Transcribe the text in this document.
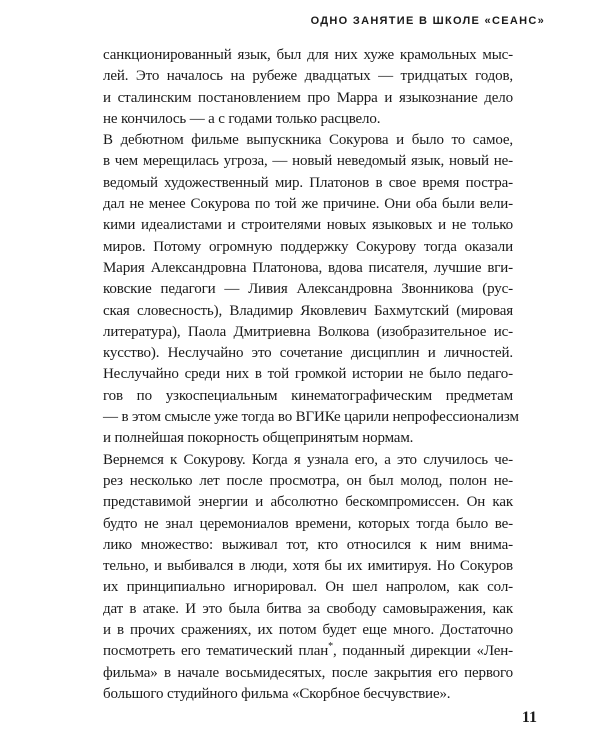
ОДНО ЗАНЯТИЕ В ШКОЛЕ «СЕАНС»
санкционированный язык, был для них хуже крамольных мыс-
лей. Это началось на рубеже двадцатых — тридцатых годов,
и сталинским постановлением про Марра и языкознание дело
не кончилось — а с годами только расцвело.
В дебютном фильме выпускника Сокурова и было то самое,
в чем мерещилась угроза, — новый неведомый язык, новый не-
ведомый художественный мир. Платонов в свое время постра-
дал не менее Сокурова по той же причине. Они оба были вели-
кими идеалистами и строителями новых языковых и не только
миров. Потому огромную поддержку Сокурову тогда оказали
Мария Александровна Платонова, вдова писателя, лучшие вги-
ковские педагоги — Ливия Александровна Звонникова (рус-
ская словесность), Владимир Яковлевич Бахмутский (мировая
литература), Паола Дмитриевна Волкова (изобразительное ис-
кусство). Неслучайно это сочетание дисциплин и личностей.
Неслучайно среди них в той громкой истории не было педаго-
гов по узкоспециальным кинематографическим предметам
— в этом смысле уже тогда во ВГИКе царили непрофессионализм
и полнейшая покорность общепринятым нормам.
Вернемся к Сокурову. Когда я узнала его, а это случилось че-
рез несколько лет после просмотра, он был молод, полон не-
представимой энергии и абсолютно бескомпромиссен. Он как
будто не знал церемониалов времени, которых тогда было ве-
лико множество: выживал тот, кто относился к ним внима-
тельно, и выбивался в люди, хотя бы их имитируя. Но Сокуров
их принципиально игнорировал. Он шел напролом, как сол-
дат в атаке. И это была битва за свободу самовыражения, как
и в прочих сражениях, их потом будет еще много. Достаточно
посмотреть его тематический план*, поданный дирекции «Лен-
фильма» в начале восьмидесятых, после закрытия его первого
большого студийного фильма «Скорбное бесчувствие».
11
